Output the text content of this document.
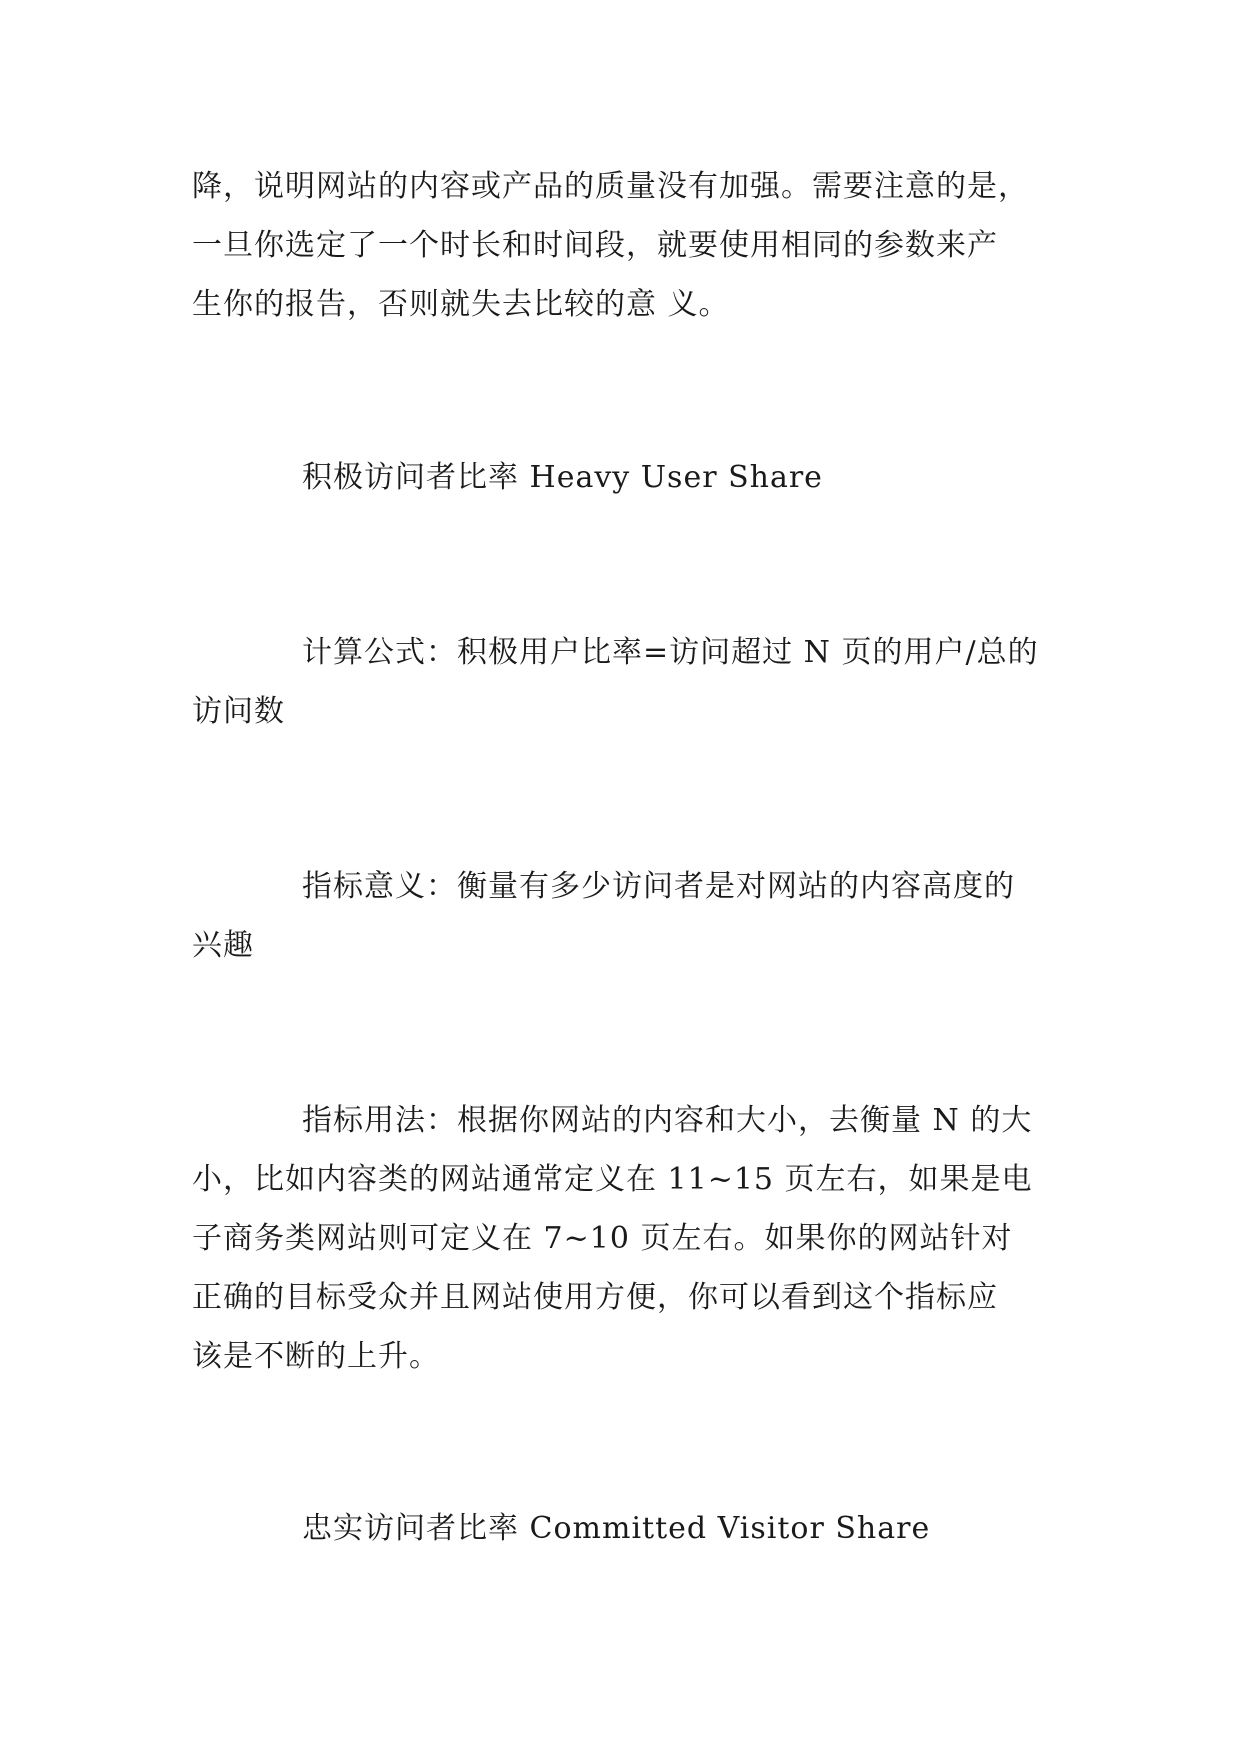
降，说明网站的内容或产品的质量没有加强。需要注意的是，
一旦你选定了一个时长和时间段，就要使用相同的参数来产
生你的报告，否则就失去比较的意 义。

积极访问者比率 Heavy User Share

计算公式：积极用户比率=访问超过 N 页的用户/总的
访问数

指标意义：衡量有多少访问者是对网站的内容高度的
兴趣

指标用法：根据你网站的内容和大小，去衡量 N 的大
小，比如内容类的网站通常定义在 11~15 页左右，如果是电
子商务类网站则可定义在 7~10 页左右。如果你的网站针对
正确的目标受众并且网站使用方便，你可以看到这个指标应
该是不断的上升。

忠实访问者比率 Committed Visitor Share
